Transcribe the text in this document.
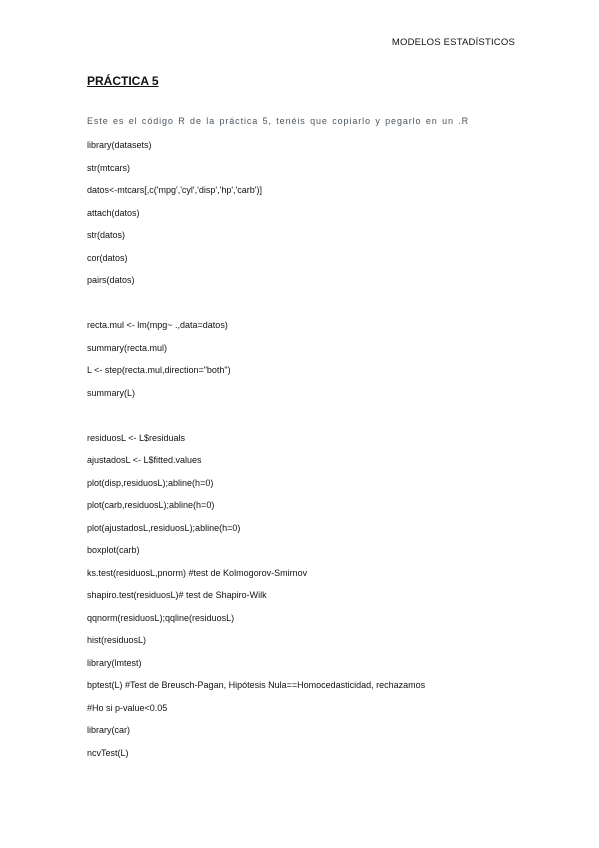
MODELOS ESTADÍSTICOS
PRÁCTICA 5
Este es el código R de la práctica 5, tenéis que copiarlo y pegarlo en un .R
library(datasets)
str(mtcars)
datos<-mtcars[,c('mpg','cyl','disp','hp','carb')]
attach(datos)
str(datos)
cor(datos)
pairs(datos)
recta.mul <- lm(mpg~ .,data=datos)
summary(recta.mul)
L <- step(recta.mul,direction="both")
summary(L)
residuosL <- L$residuals
ajustadosL <- L$fitted.values
plot(disp,residuosL);abline(h=0)
plot(carb,residuosL);abline(h=0)
plot(ajustadosL,residuosL);abline(h=0)
boxplot(carb)
ks.test(residuosL,pnorm) #test de Kolmogorov-Smirnov
shapiro.test(residuosL)# test de Shapiro-Wilk
qqnorm(residuosL);qqline(residuosL)
hist(residuosL)
library(lmtest)
bptest(L) #Test de Breusch-Pagan, Hipótesis Nula==Homocedasticidad, rechazamos
#Ho si p-value<0.05
library(car)
ncvTest(L)
